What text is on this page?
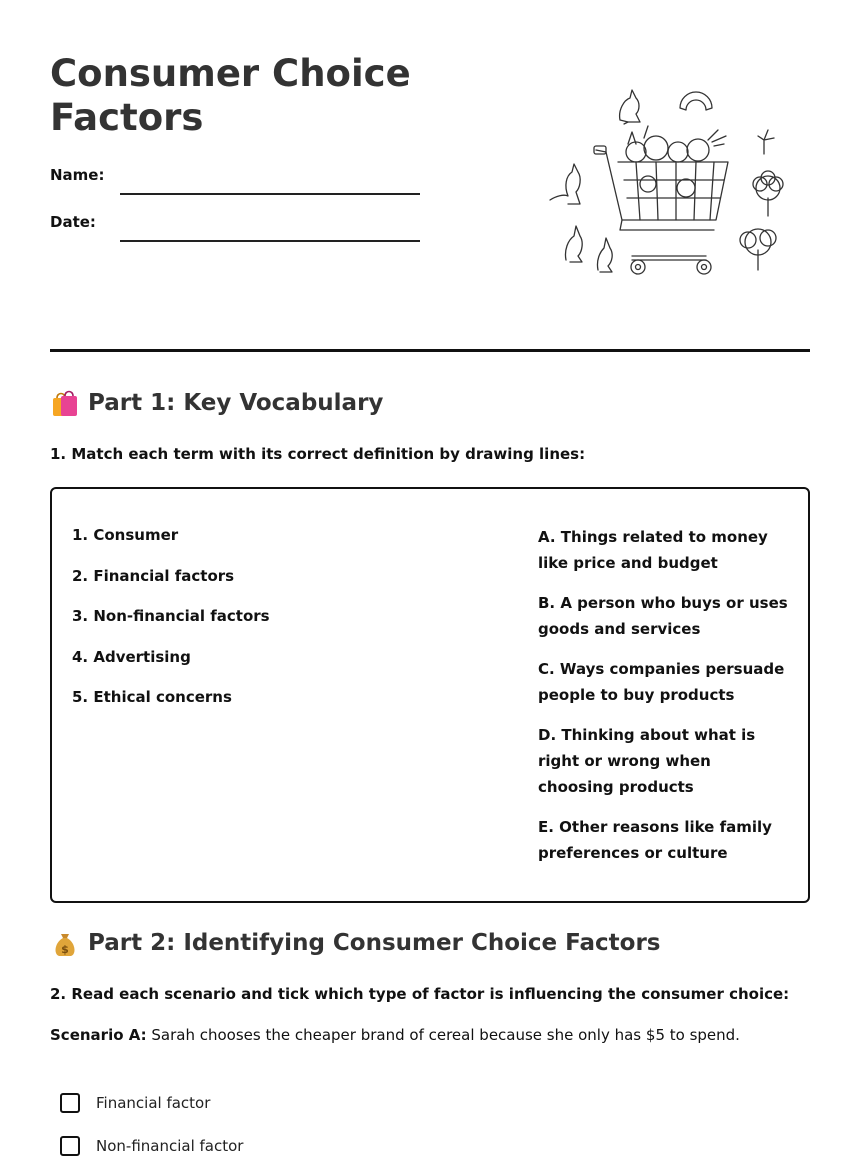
Consumer Choice Factors
Name:
Date:
Part 1: Key Vocabulary
1. Match each term with its correct definition by drawing lines:
1. Consumer
2. Financial factors
3. Non-financial factors
4. Advertising
5. Ethical concerns
A. Things related to money like price and budget
B. A person who buys or uses goods and services
C. Ways companies persuade people to buy products
D. Thinking about what is right or wrong when choosing products
E. Other reasons like family preferences or culture
$ Part 2: Identifying Consumer Choice Factors
2. Read each scenario and tick which type of factor is influencing the consumer choice:
Scenario A: Sarah chooses the cheaper brand of cereal because she only has $5 to spend.
Financial factor
Non-financial factor
